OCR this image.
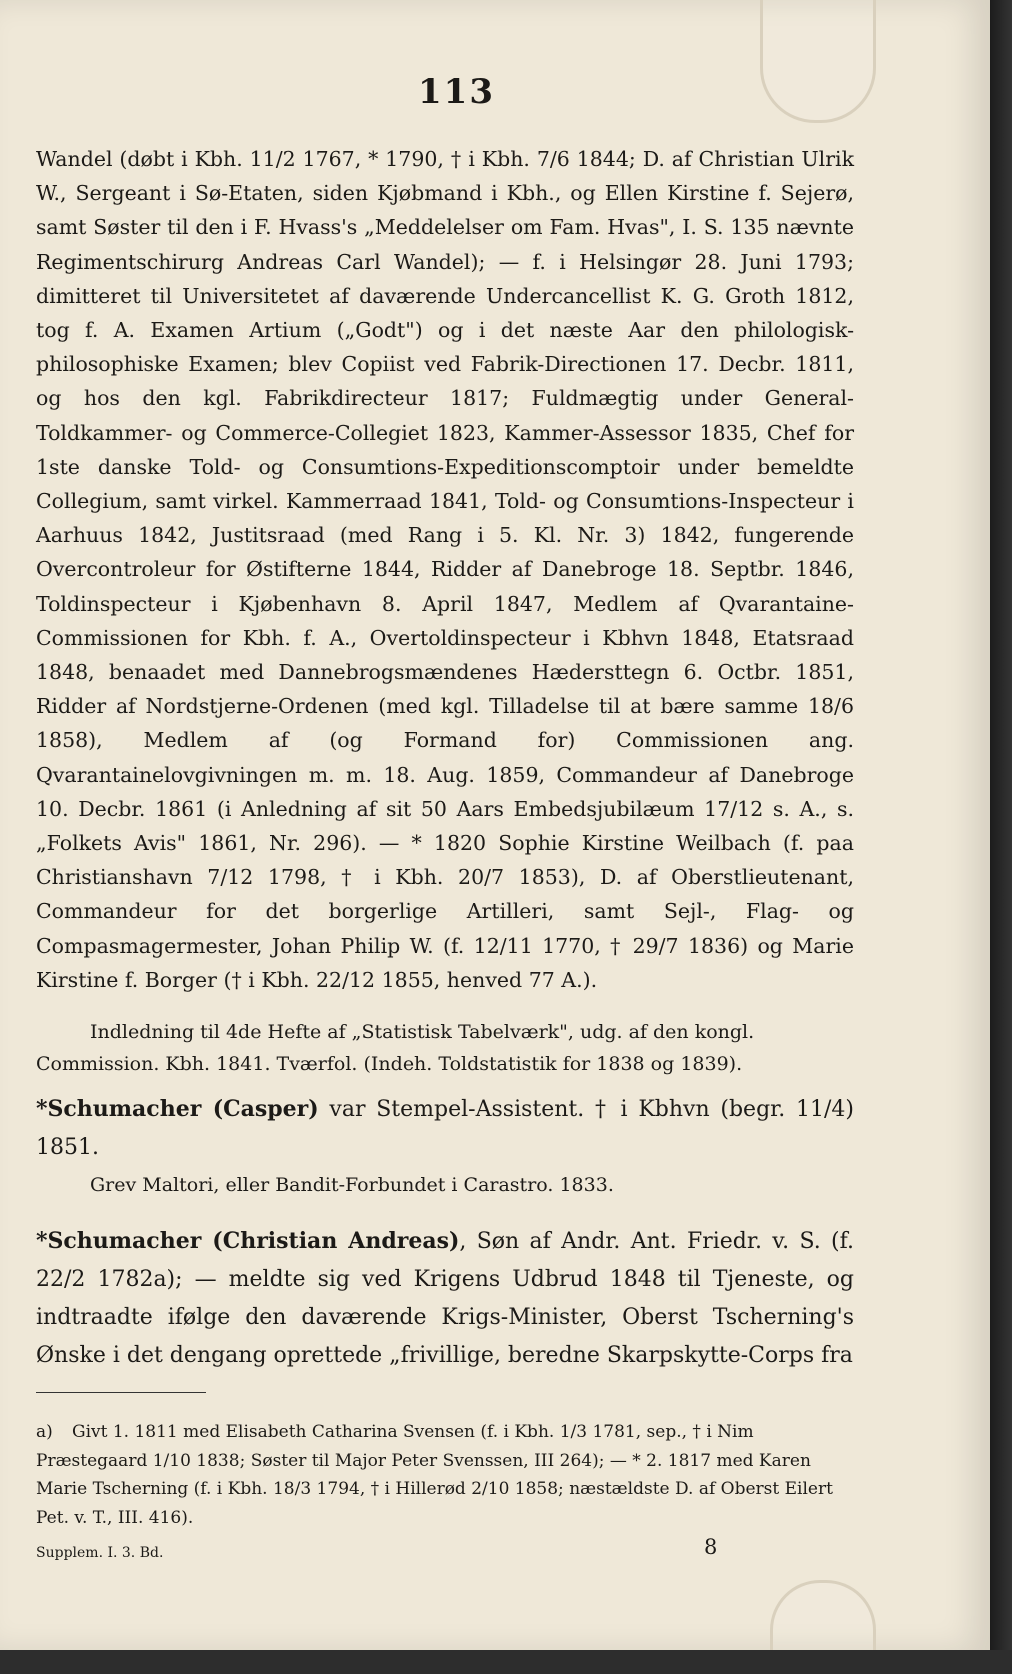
113

Wandel (døbt i Kbh. 11/2 1767, * 1790, † i Kbh. 7/6 1844; D. af Christian Ulrik W., Sergeant i Sø-Etaten, siden Kjøbmand i Kbh., og Ellen Kirstine f. Sejerø, samt Søster til den i F. Hvass's „Meddelelser om Fam. Hvas", I. S. 135 nævnte Regimentschirurg Andreas Carl Wandel); — f. i Helsingør 28. Juni 1793; dimitteret til Universitetet af daværende Undercancellist K. G. Groth 1812, tog f. A. Examen Artium („Godt") og i det næste Aar den philologisk-philosophiske Examen; blev Copiist ved Fabrik-Directionen 17. Decbr. 1811, og hos den kgl. Fabrikdirecteur 1817; Fuldmægtig under General-Toldkammer- og Commerce-Collegiet 1823, Kammer-Assessor 1835, Chef for 1ste danske Told- og Consumtions-Expeditionscomptoir under bemeldte Collegium, samt virkel. Kammerraad 1841, Told- og Consumtions-Inspecteur i Aarhuus 1842, Justitsraad (med Rang i 5. Kl. Nr. 3) 1842, fungerende Overcontroleur for Østifterne 1844, Ridder af Danebroge 18. Septbr. 1846, Toldinspecteur i Kjøbenhavn 8. April 1847, Medlem af Qvarantaine-Commissionen for Kbh. f. A., Overtoldinspecteur i Kbhvn 1848, Etatsraad 1848, benaadet med Dannebrogsmændenes Hædersttegn 6. Octbr. 1851, Ridder af Nordstjerne-Ordenen (med kgl. Tilladelse til at bære samme 18/6 1858), Medlem af (og Formand for) Commissionen ang. Qvarantainelovgivningen m. m. 18. Aug. 1859, Commandeur af Danebroge 10. Decbr. 1861 (i Anledning af sit 50 Aars Embedsjubilæum 17/12 s. A., s. „Folkets Avis" 1861, Nr. 296). — * 1820 Sophie Kirstine Weilbach (f. paa Christianshavn 7/12 1798, † i Kbh. 20/7 1853), D. af Oberstlieutenant, Commandeur for det borgerlige Artilleri, samt Sejl-, Flag- og Compasmagermester, Johan Philip W. (f. 12/11 1770, † 29/7 1836) og Marie Kirstine f. Borger († i Kbh. 22/12 1855, henved 77 A.).

Indledning til 4de Hefte af „Statistisk Tabelværk", udg. af den kongl. Commission. Kbh. 1841. Tværfol. (Indeh. Toldstatistik for 1838 og 1839).
*Schumacher (Casper) var Stempel-Assistent. † i Kbhvn (begr. 11/4) 1851.
Grev Maltori, eller Bandit-Forbundet i Carastro. 1833.
*Schumacher (Christian Andreas), Søn af Andr. Ant. Friedr. v. S. (f. 22/2 1782a); — meldte sig ved Krigens Udbrud 1848 til Tjeneste, og indtraadte ifølge den daværende Krigs-Minister, Oberst Tscherning's Ønske i det dengang oprettede „frivillige, beredne Skarpskytte-Corps fra
a) Givt 1. 1811 med Elisabeth Catharina Svensen (f. i Kbh. 1/3 1781, sep., † i Nim Præstegaard 1/10 1838; Søster til Major Peter Svenssen, III 264); — * 2. 1817 med Karen Marie Tscherning (f. i Kbh. 18/3 1794, † i Hillerød 2/10 1858; næstældste D. af Oberst Eilert Pet. v. T., III. 416).
Supplem. I. 3. Bd.	8
